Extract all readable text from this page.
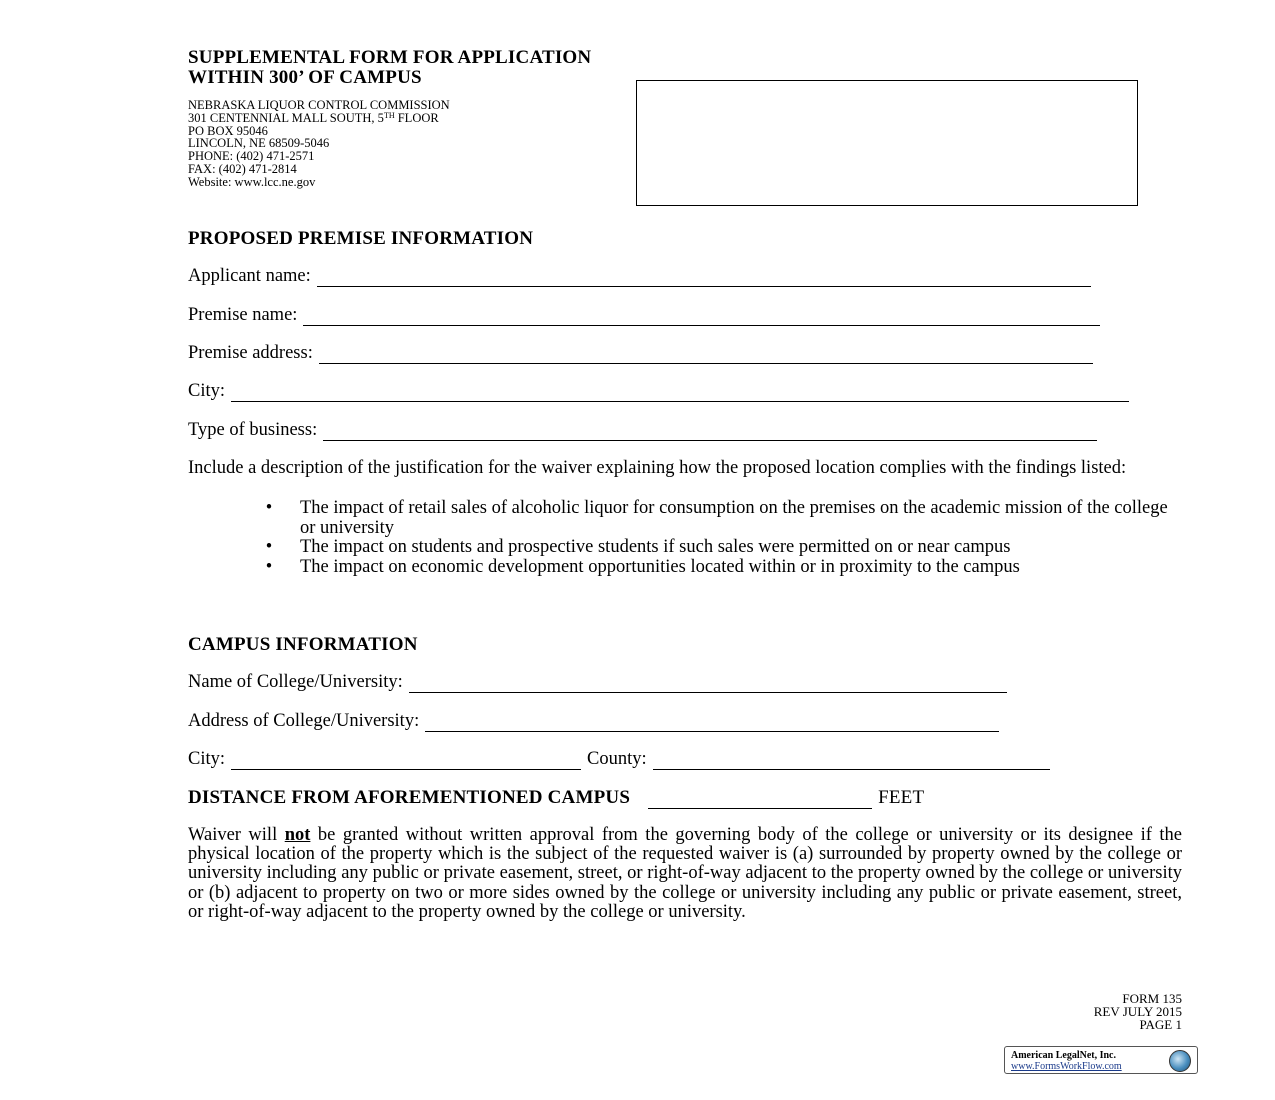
SUPPLEMENTAL FORM FOR APPLICATION
WITHIN 300’ OF CAMPUS
NEBRASKA LIQUOR CONTROL COMMISSION
301 CENTENNIAL MALL SOUTH, 5TH FLOOR
PO BOX 95046
LINCOLN, NE 68509-5046
PHONE: (402) 471-2571
FAX: (402) 471-2814
Website: www.lcc.ne.gov
PROPOSED PREMISE INFORMATION
Applicant name:
Premise name:
Premise address:
City:
Type of business:
Include a description of the justification for the waiver explaining how the proposed location complies with the findings listed:

• The impact of retail sales of alcoholic liquor for consumption on the premises on the academic mission of the college or university

• The impact on students and prospective students if such sales were permitted on or near campus

• The impact on economic development opportunities located within or in proximity to the campus

CAMPUS INFORMATION
Name of College/University:
Address of College/University:
City:	County:
DISTANCE FROM AFOREMENTIONED CAMPUS	FEET
Waiver will not be granted without written approval from the governing body of the college or university or its designee if the physical location of the property which is the subject of the requested waiver is (a) surrounded by property owned by the college or university including any public or private easement, street, or right-of-way adjacent to the property owned by the college or university or (b) adjacent to property on two or more sides owned by the college or university including any public or private easement, street, or right-of-way adjacent to the property owned by the college or university.
FORM 135
REV JULY 2015
PAGE 1
American LegalNet, Inc.
www.FormsWorkFlow.com
